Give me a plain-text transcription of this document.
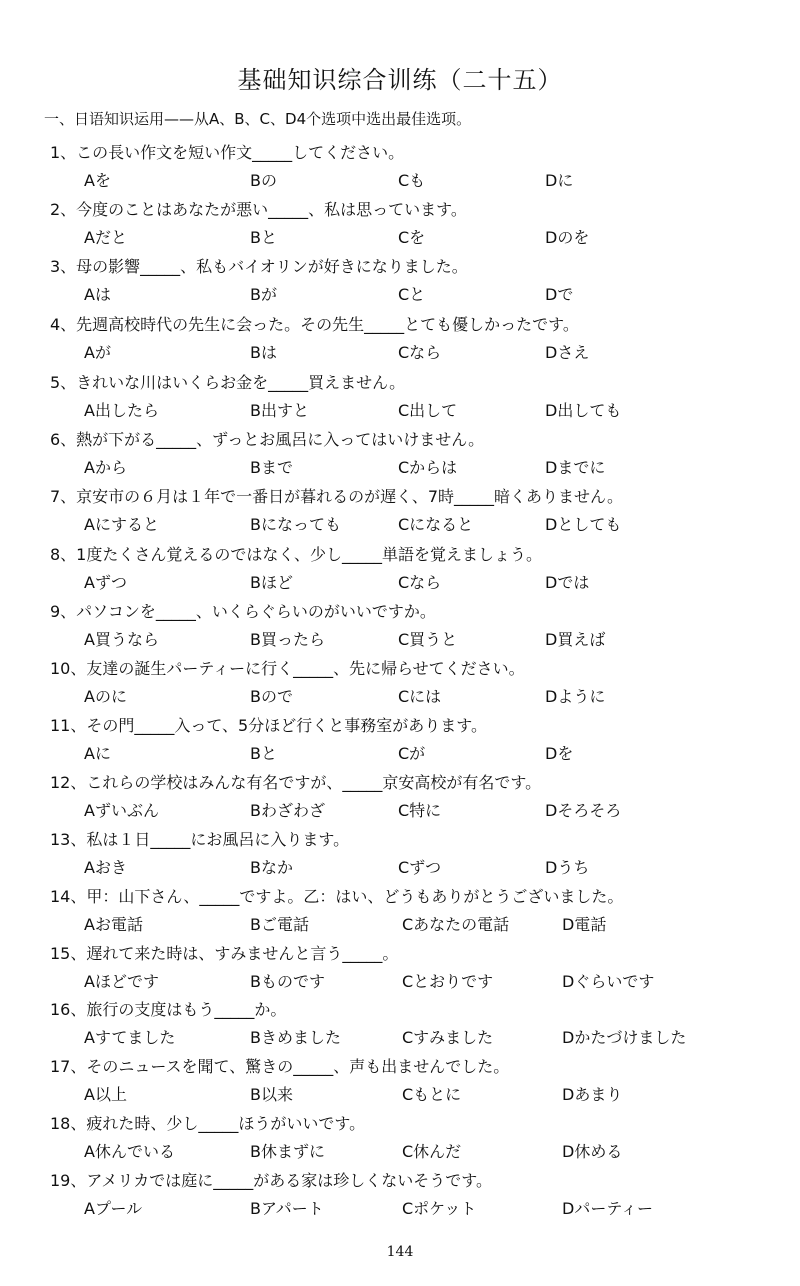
基础知识综合训练（二十五）
一、日语知识运用——从A、B、C、D4个选项中选出最佳选项。
1、この長い作文を短い作文_____してください。
Aを	Bの	Cも	Dに
2、今度のことはあなたが悪い_____、私は思っています。
Aだと	Bと	Cを	Dのを
3、母の影響_____、私もバイオリンが好きになりました。
Aは	Bが	Cと	Dで
4、先週高校時代の先生に会った。その先生_____とても優しかったです。
Aが	Bは	Cなら	Dさえ
5、きれいな川はいくらお金を_____買えません。
A出したら	B出すと	C出して	D出しても
6、熱が下がる_____、ずっとお風呂に入ってはいけません。
Aから	Bまで	Cからは	Dまでに
7、京安市の６月は１年で一番日が暮れるのが遅く、7時_____暗くありません。
Aにすると	Bになっても	Cになると	Dとしても
8、1度たくさん覚えるのではなく、少し_____単語を覚えましょう。
Aずつ	Bほど	Cなら	Dでは
9、パソコンを_____、いくらぐらいのがいいですか。
A買うなら	B買ったら	C買うと	D買えば
10、友達の誕生パーティーに行く_____、先に帰らせてください。
Aのに	Bので	Cには	Dように
11、その門_____入って、5分ほど行くと事務室があります。
Aに	Bと	Cが	Dを
12、これらの学校はみんな有名ですが、_____京安高校が有名です。
Aずいぶん	Bわざわざ	C特に	Dそろそろ
13、私は１日_____にお風呂に入ります。
Aおき	Bなか	Cずつ	Dうち
14、甲：山下さん、_____ですよ。乙：はい、どうもありがとうございました。
Aお電話	Bご電話	Cあなたの電話	D電話
15、遅れて来た時は、すみませんと言う_____。
Aほどです	Bものです	Cとおりです	Dぐらいです
16、旅行の支度はもう_____か。
Aすてました	Bきめました	Cすみました	Dかたづけました
17、そのニュースを聞て、驚きの_____、声も出ませんでした。
A以上	B以来	Cもとに	Dあまり
18、疲れた時、少し_____ほうがいいです。
A休んでいる	B休まずに	C休んだ	D休める
19、アメリカでは庭に_____がある家は珍しくないそうです。
Aプール	Bアパート	Cポケット	Dパーティー
144
